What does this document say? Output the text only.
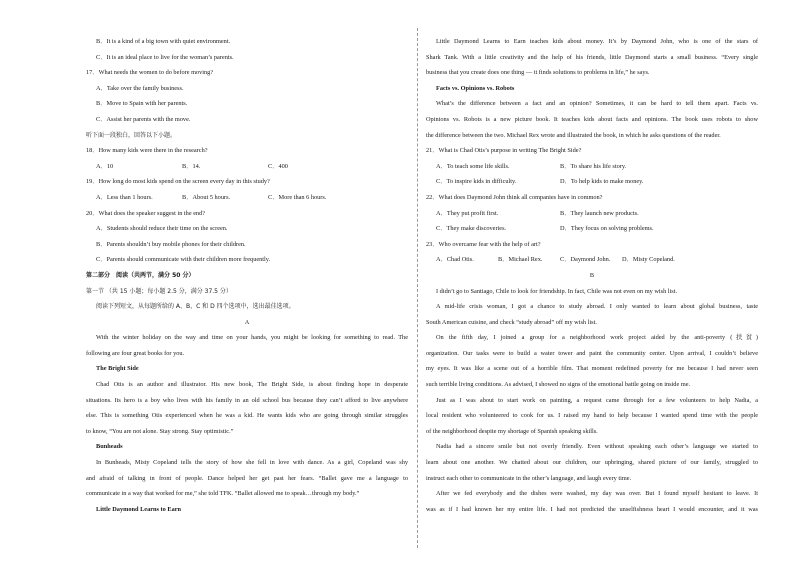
B．It is a kind of a big town with quiet environment.
C．It is an ideal place to live for the woman’s parents.
17．What needs the women to do before moving?
A．Take over the family business.
B．Move to Spain with her parents.
C．Assist her parents with the move.
听下面一段独白，回答以下小题。
18．How many kids were there in the research?
A．10	B．14.	C．400
19．How long do most kids spend on the screen every day in this study?
A．Less than 1 hours.	B．About 5 hours.	C．More than 6 hours.
20．What does the speaker suggest in the end?
A．Students should reduce their time on the screen.
B．Parents shouldn’t buy mobile phones for their children.
C．Parents should communicate with their children more frequently.
第二部分　阅读（共两节，满分 50 分）
第一节 （共 15 小题；每小题 2.5 分，满分 37.5 分）
阅读下列短文，从每题所给的 A、B、C 和 D 四个选项中，选出最佳选项。
A
With the winter holiday on the way and time on your hands, you might be looking for something to read. The
following are four great books for you.
The Bright Side
Chad Otis is an author and illustrator. His new book, The Bright Side, is about finding hope in desperate
situations. Its hero is a boy who lives with his family in an old school bus because they can’t afford to live anywhere
else. This is something Otis experienced when he was a kid. He wants kids who are going through similar struggles
to know, “You are not alone. Stay strong. Stay optimistic.”
Bunheads
In Bunheads, Misty Copeland tells the story of how she fell in love with dance. As a girl, Copeland was shy
and afraid of talking in front of people. Dance helped her get past her fears. “Ballet gave me a language to
communicate in a way that worked for me,” she told TFK. “Ballet allowed me to speak…through my body.”
Little Daymond Learns to Earn
Little Daymond Learns to Earn teaches kids about money. It’s by Daymond John, who is one of the stars of
Shark Tank. With a little creativity and the help of his friends, little Daymond starts a small business. “Every single
business that you create does one thing — it finds solutions to problems in life,” he says.
Facts vs. Opinions vs. Robots
What’s the difference between a fact and an opinion? Sometimes, it can be hard to tell them apart. Facts vs.
Opinions vs. Robots is a new picture book. It teaches kids about facts and opinions. The book uses robots to show
the difference between the two. Michael Rex wrote and illustrated the book, in which he asks questions of the reader.
21．What is Chad Otis’s purpose in writing The Bright Side?
A．To teach some life skills.	B．To share his life story.
C．To inspire kids in difficulty.	D．To help kids to make money.
22．What does Daymond John think all companies have in common?
A．They put profit first.	B．They launch new products.
C．They make discoveries.	D．They focus on solving problems.
23．Who overcame fear with the help of art?
A．Chad Otis.	B．Michael Rex.	C．Daymond John.	D．Misty Copeland.
B
I didn’t go to Santiago, Chile to look for friendship. In fact, Chile was not even on my wish list.
A mid-life crisis woman, I got a chance to study abroad. I only wanted to learn about global business, taste
South American cuisine, and check “study abroad” off my wish list.
On the fifth day, I joined a group for a neighborhood work project aided by the anti-poverty (扶贫)
organization. Our tasks were to build a water tower and paint the community center. Upon arrival, I couldn’t believe
my eyes. It was like a scene out of a horrible film. That moment redefined poverty for me because I had never seen
such terrible living conditions. As advised, I showed no signs of the emotional battle going on inside me.
Just as I was about to start work on painting, a request came through for a few volunteers to help Nadia, a
local resident who volunteered to cook for us. I raised my hand to help because I wanted spend time with the people
of the neighborhood despite my shortage of Spanish speaking skills.
Nadia had a sincere smile but not overly friendly. Even without speaking each other’s language we started to
learn about one another. We chatted about our children, our upbringing, shared picture of our family, struggled to
instruct each other to communicate in the other’s language, and laugh every time.
After we fed everybody and the dishes were washed, my day was over. But I found myself hesitant to leave. It
was as if I had known her my entire life. I had not predicted the unselfishness heart I would encounter, and it was
